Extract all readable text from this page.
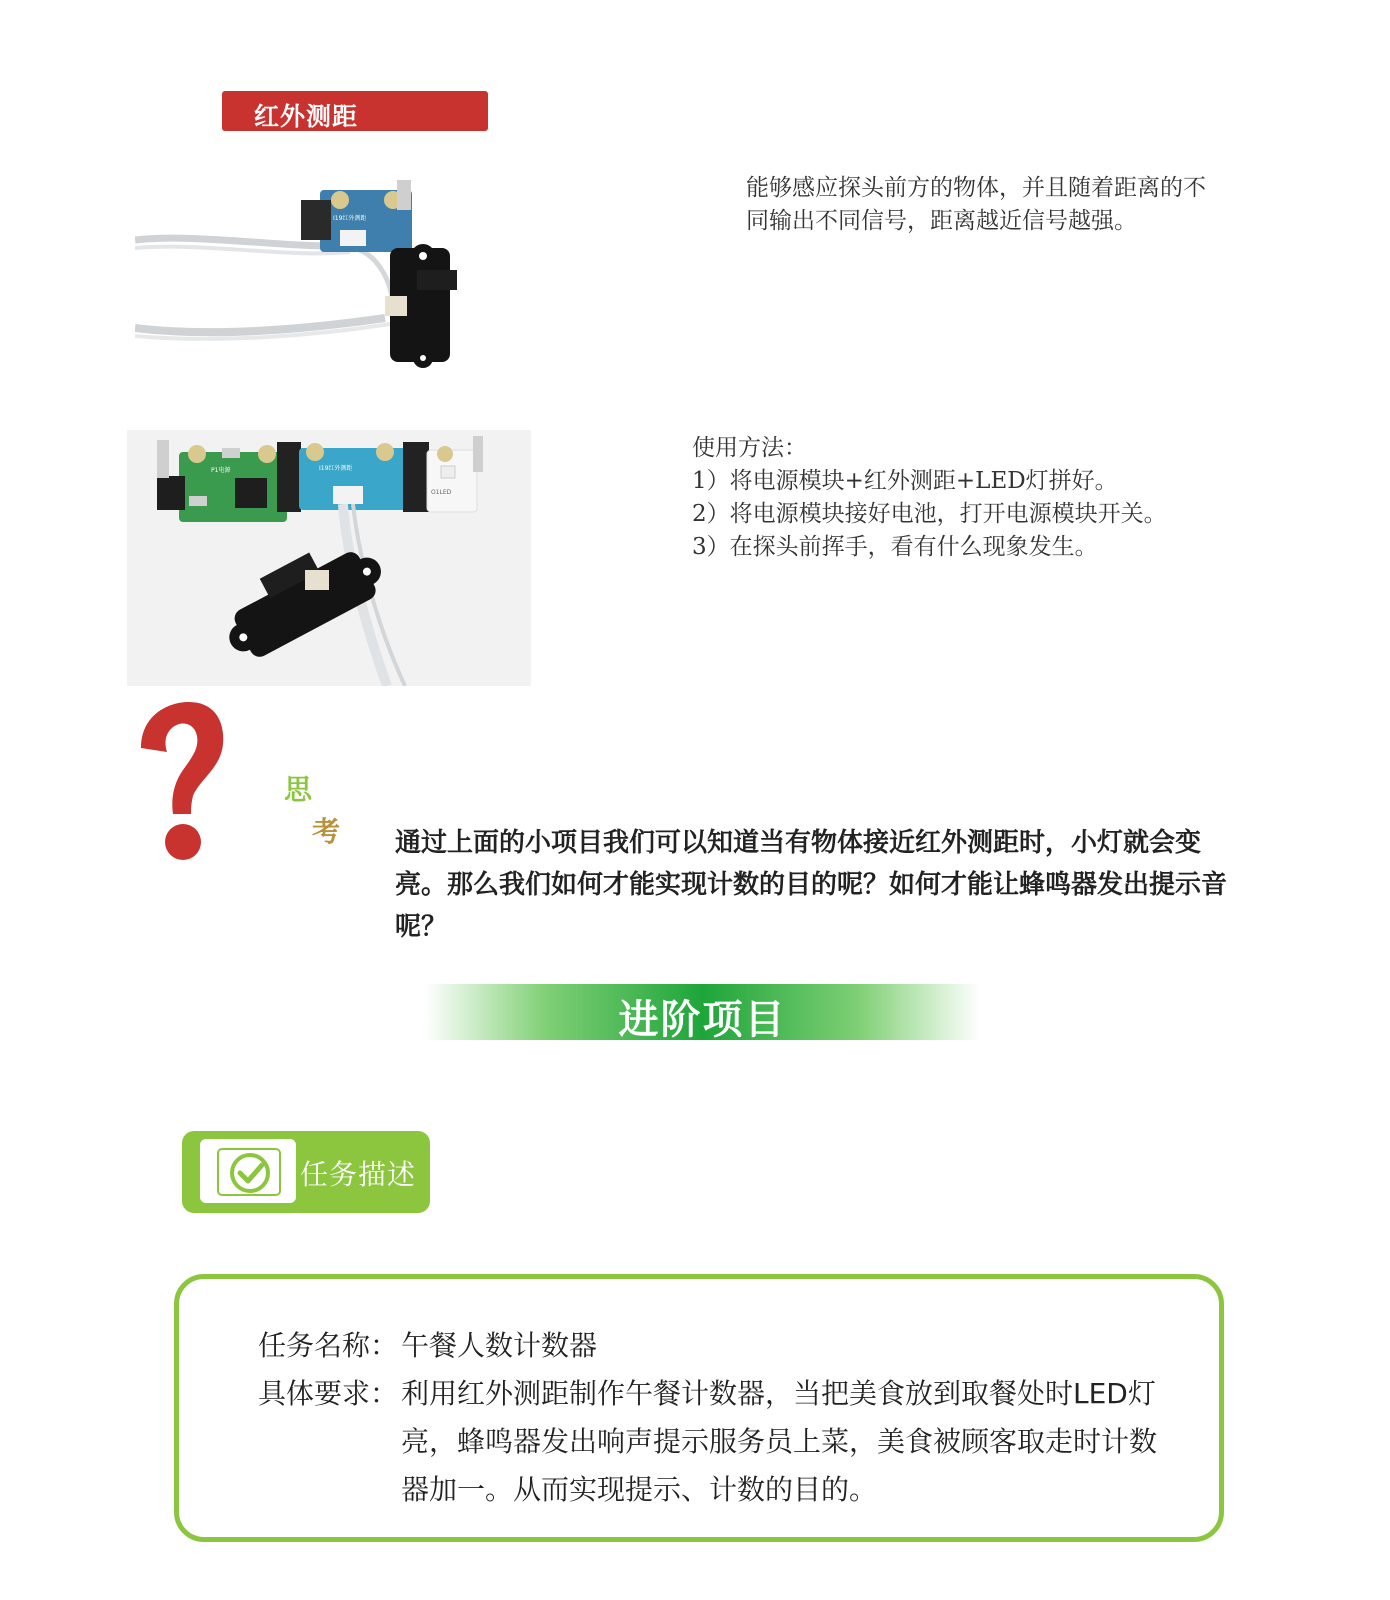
红外测距
I19红外测距
能够感应探头前方的物体，并且随着距离的不同输出不同信号，距离越近信号越强。
P1电源	I19红外测距
O1LED
使用方法：
1）将电源模块+红外测距+LED灯拼好。
2）将电源模块接好电池，打开电源模块开关。
3）在探头前挥手，看有什么现象发生。
思
考	通过上面的小项目我们可以知道当有物体接近红外测距时，小灯就会变亮。那么我们如何才能实现计数的目的呢？如何才能让蜂鸣器发出提示音呢？
进阶项目
任务描述
任务名称： 午餐人数计数器
具体要求： 利用红外测距制作午餐计数器，当把美食放到取餐处时LED灯亮，蜂鸣器发出响声提示服务员上菜，美食被顾客取走时计数器加一。从而实现提示、计数的目的。
